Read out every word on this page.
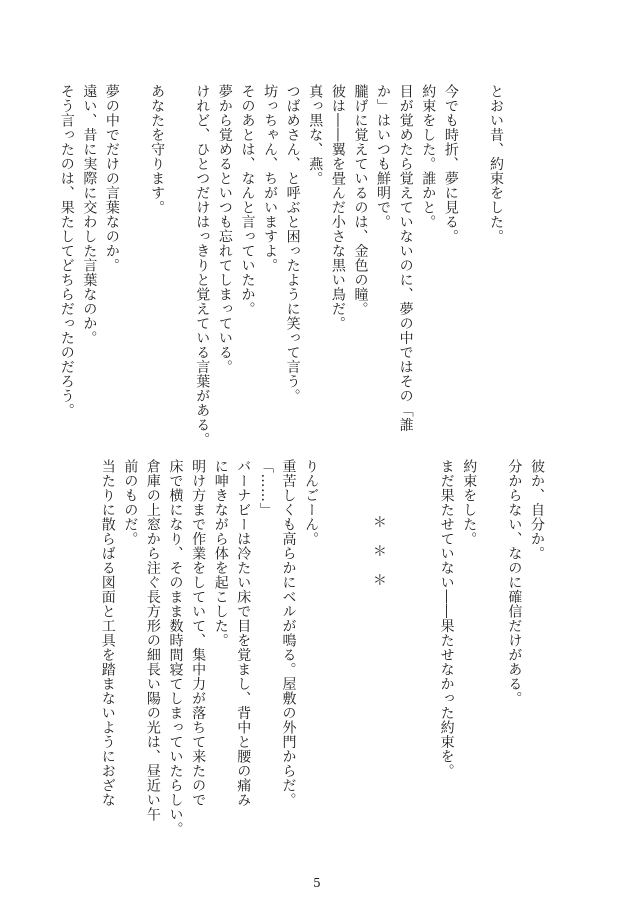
とおい昔、約束をした。
今でも時折、夢に見る。
約束をした。誰かと。
目が覚めたら覚えていないのに、夢の中ではその「誰
か」はいつも鮮明で。
朧げに覚えているのは、金色の瞳。
彼は――翼を畳んだ小さな黒い鳥だ。
真っ黒な、燕。
つばめさん、と呼ぶと困ったように笑って言う。
坊っちゃん、ちがいますよ。
そのあとは、なんと言っていたか。
夢から覚めるといつも忘れてしまっている。
けれど、ひとつだけはっきりと覚えている言葉がある。
あなたを守ります。
夢の中でだけの言葉なのか。
遠い、昔に実際に交わした言葉なのか。
そう言ったのは、果たしてどちらだったのだろう。
彼か、自分か。
分からない、なのに確信だけがある。
約束をした。
まだ果たせていない――果たせなかった約束を。
＊　＊　＊
りんごーん。
重苦しくも高らかにベルが鳴る。屋敷の外門からだ。
「……」
バーナビーは冷たい床で目を覚まし、背中と腰の痛み
に呻きながら体を起こした。
明け方まで作業をしていて、集中力が落ちて来たので
床で横になり、そのまま数時間寝てしまっていたらしい。
倉庫の上窓から注ぐ長方形の細長い陽の光は、昼近い午
前のものだ。
当たりに散らばる図面と工具を踏まないようにおざな
5
